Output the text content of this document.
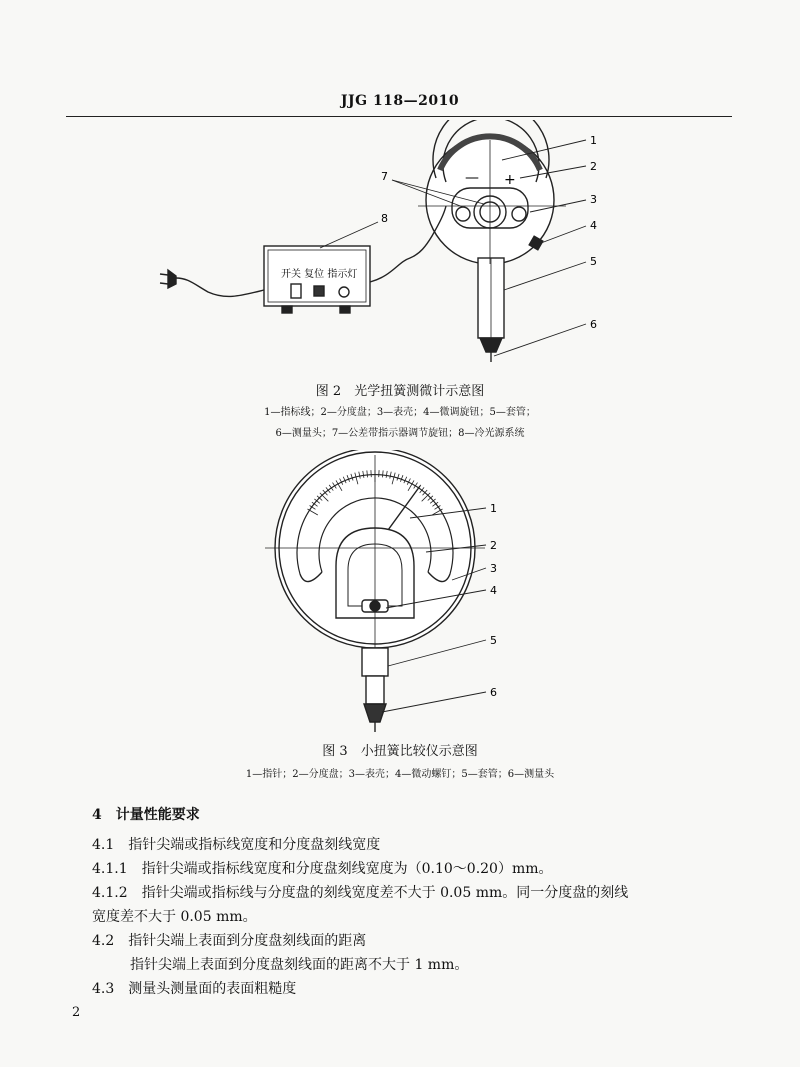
JJG 118—2010
— +
开关 复位 指示灯
1
2
3
4
5
6
7
8
图 2　光学扭簧测微计示意图
1—指标线；2—分度盘；3—表壳；4—微调旋钮；5—套管；
6—测量头；7—公差带指示器调节旋钮；8—冷光源系统
1
2
3
4
5
6
图 3　小扭簧比较仪示意图
1—指针；2—分度盘；3—表壳；4—微动螺钉；5—套管；6—测量头
4　计量性能要求
4.1　指针尖端或指标线宽度和分度盘刻线宽度
4.1.1　指针尖端或指标线宽度和分度盘刻线宽度为（0.10～0.20）mm。
4.1.2　指针尖端或指标线与分度盘的刻线宽度差不大于 0.05 mm。同一分度盘的刻线
宽度差不大于 0.05 mm。
4.2　指针尖端上表面到分度盘刻线面的距离
指针尖端上表面到分度盘刻线面的距离不大于 1 mm。
4.3　测量头测量面的表面粗糙度
2
